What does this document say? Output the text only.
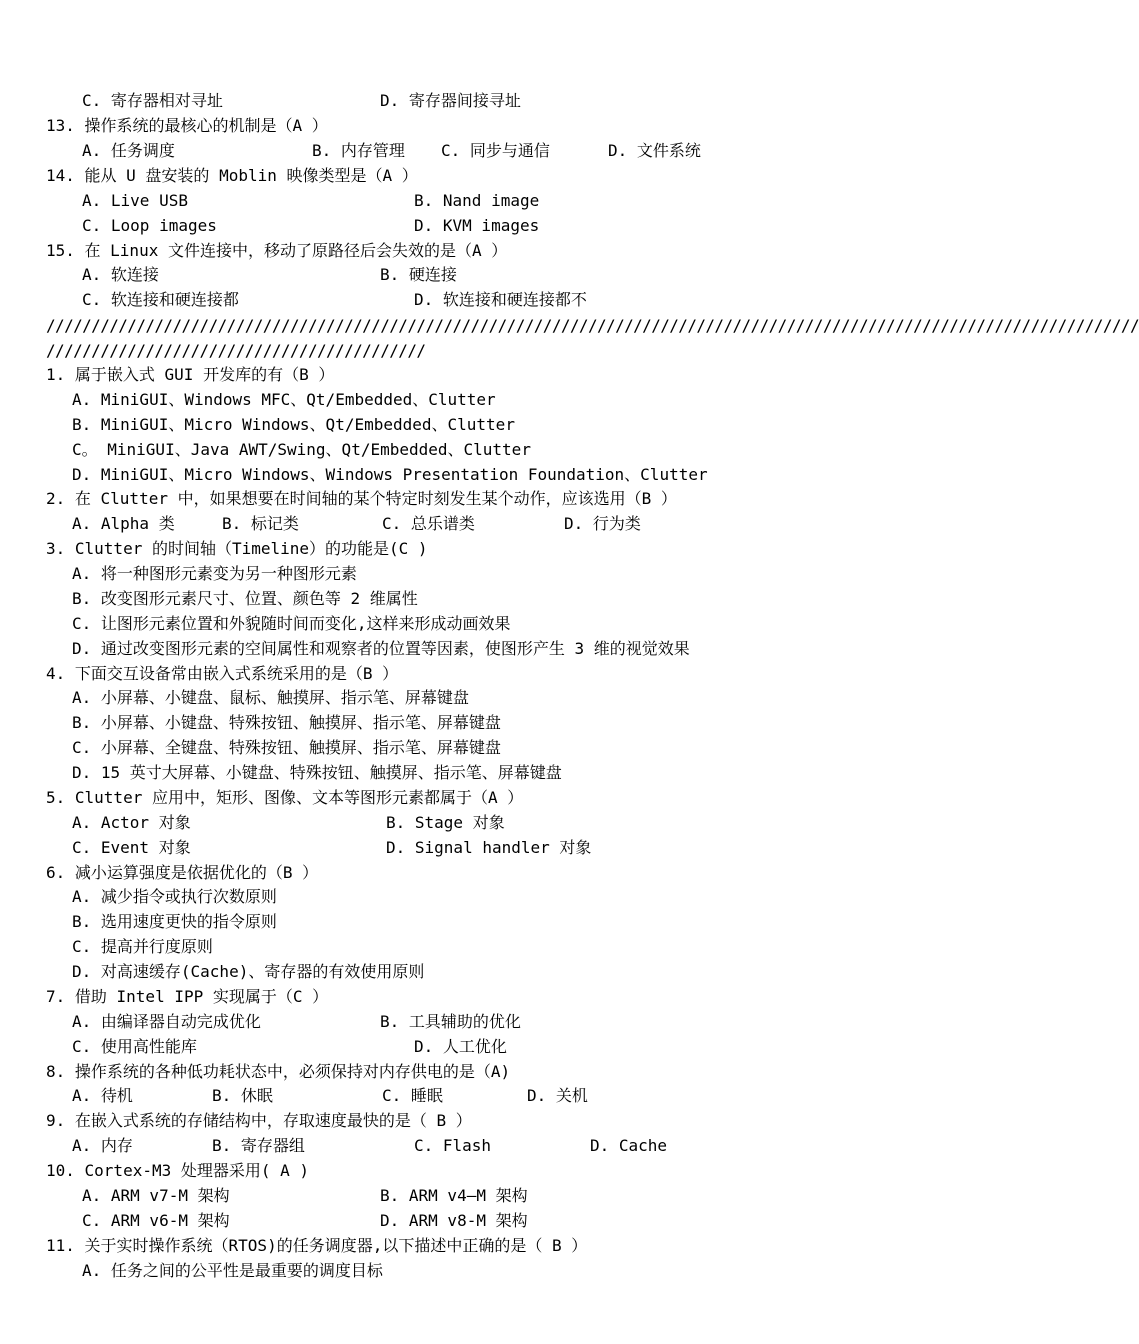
C. 寄存器相对寻址	D. 寄存器间接寻址
13. 操作系统的最核心的机制是（A ）
A. 任务调度	B. 内存管理 C. 同步与通信	D. 文件系统
14. 能从 U 盘安装的 Moblin 映像类型是（A ）
A. Live USB	B. Nand image
C. Loop images	D. KVM images
15. 在 Linux 文件连接中，移动了原路径后会失效的是（A ）
A. 软连接	B. 硬连接
C. 软连接和硬连接都	D. 软连接和硬连接都不
1. 属于嵌入式 GUI 开发库的有（B ）
A. MiniGUI、Windows MFC、Qt/Embedded、Clutter
B. MiniGUI、Micro Windows、Qt/Embedded、Clutter
C。 MiniGUI、Java AWT/Swing、Qt/Embedded、Clutter
D. MiniGUI、Micro Windows、Windows Presentation Foundation、Clutter
2. 在 Clutter 中，如果想要在时间轴的某个特定时刻发生某个动作，应该选用（B ）
A. Alpha 类	B. 标记类	C. 总乐谱类	D. 行为类
3. Clutter 的时间轴（Timeline）的功能是(C )
A. 将一种图形元素变为另一种图形元素
B. 改变图形元素尺寸、位置、颜色等 2 维属性
C. 让图形元素位置和外貌随时间而变化,这样来形成动画效果
D. 通过改变图形元素的空间属性和观察者的位置等因素，使图形产生 3 维的视觉效果
4. 下面交互设备常由嵌入式系统采用的是（B ）
A. 小屏幕、小键盘、鼠标、触摸屏、指示笔、屏幕键盘
B. 小屏幕、小键盘、特殊按钮、触摸屏、指示笔、屏幕键盘
C. 小屏幕、全键盘、特殊按钮、触摸屏、指示笔、屏幕键盘
D. 15 英寸大屏幕、小键盘、特殊按钮、触摸屏、指示笔、屏幕键盘
5. Clutter 应用中，矩形、图像、文本等图形元素都属于（A ）
A. Actor 对象	B. Stage 对象
C. Event 对象	D. Signal handler 对象
6. 减小运算强度是依据优化的（B ）
A. 减少指令或执行次数原则
B. 选用速度更快的指令原则
C. 提高并行度原则
D. 对高速缓存(Cache)、寄存器的有效使用原则
7. 借助 Intel IPP 实现属于（C ）
A. 由编译器自动完成优化	B. 工具辅助的优化
C. 使用高性能库	D. 人工优化
8. 操作系统的各种低功耗状态中，必须保持对内存供电的是（A)
A. 待机	B. 休眠	C. 睡眠	D. 关机
9. 在嵌入式系统的存储结构中，存取速度最快的是（ B ）
A. 内存	B. 寄存器组	C. Flash	D. Cache
10. Cortex-M3 处理器采用( A )
A. ARM v7-M 架构	B. ARM v4—M 架构
C. ARM v6-M 架构	D. ARM v8-M 架构
11. 关于实时操作系统（RTOS)的任务调度器,以下描述中正确的是（ B ）
A. 任务之间的公平性是最重要的调度目标
/////////////////////////////////////////////////////////////////////////////////////////////////////////////////////////
//////////////////////////////////////////
